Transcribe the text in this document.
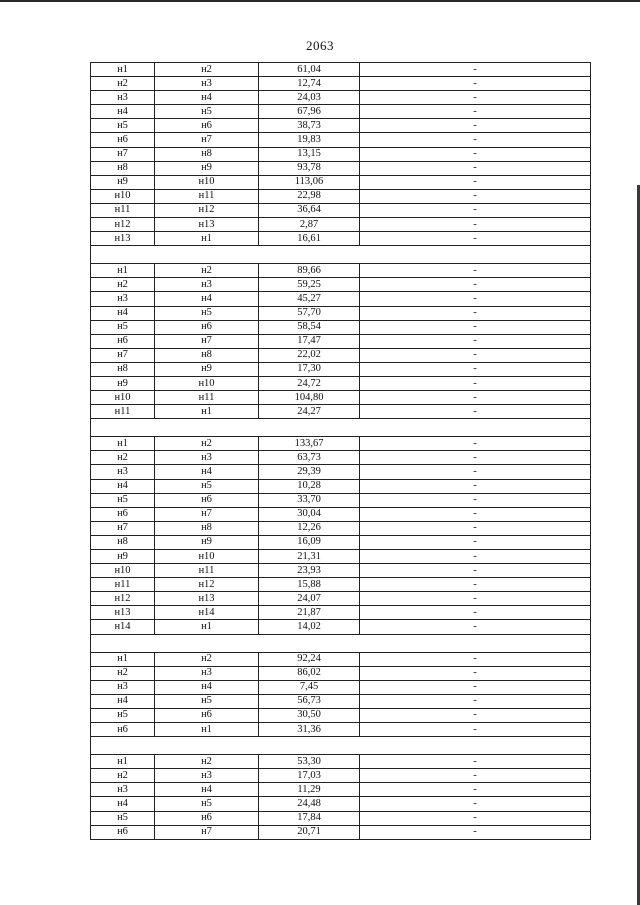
2063
н1	н2	61,04	-
н2	н3	12,74	-
н3	н4	24,03	-
н4	н5	67,96	-
н5	н6	38,73	-
н6	н7	19,83	-
н7	н8	13,15	-
н8	н9	93,78	-
н9	н10	113,06	-
н10	н11	22,98	-
н11	н12	36,64	-
н12	н13	2,87	-
н13	н1	16,61	-

н1	н2	89,66	-
н2	н3	59,25	-
н3	н4	45,27	-
н4	н5	57,70	-
н5	н6	58,54	-
н6	н7	17,47	-
н7	н8	22,02	-
н8	н9	17,30	-
н9	н10	24,72	-
н10	н11	104,80	-
н11	н1	24,27	-

н1	н2	133,67	-
н2	н3	63,73	-
н3	н4	29,39	-
н4	н5	10,28	-
н5	н6	33,70	-
н6	н7	30,04	-
н7	н8	12,26	-
н8	н9	16,09	-
н9	н10	21,31	-
н10	н11	23,93	-
н11	н12	15,88	-
н12	н13	24,07	-
н13	н14	21,87	-
н14	н1	14,02	-

н1	н2	92,24	-
н2	н3	86,02	-
н3	н4	7,45	-
н4	н5	56,73	-
н5	н6	30,50	-
н6	н1	31,36	-

н1	н2	53,30	-
н2	н3	17,03	-
н3	н4	11,29	-
н4	н5	24,48	-
н5	н6	17,84	-
н6	н7	20,71	-
